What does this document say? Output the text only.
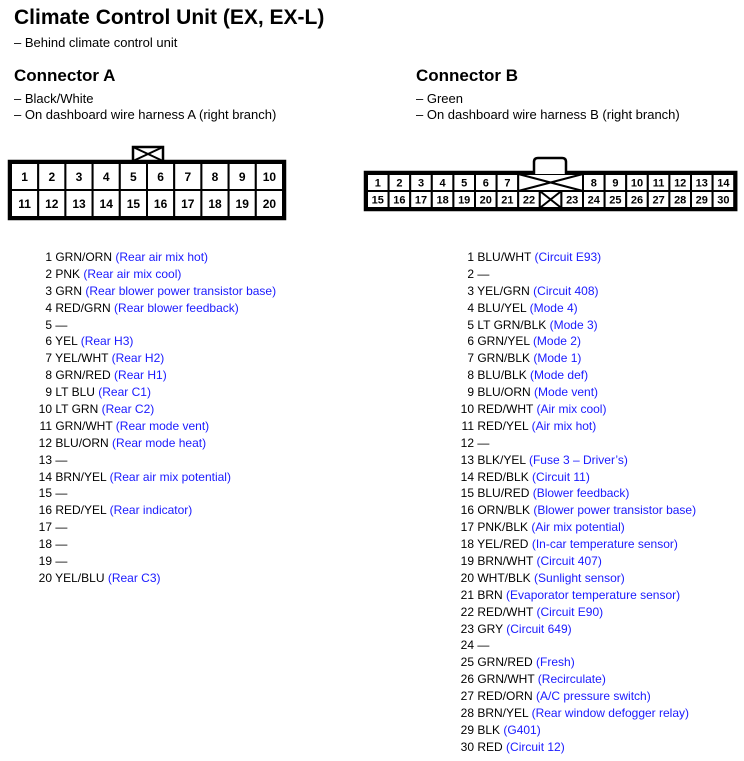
Climate Control Unit (EX, EX-L)
– Behind climate control unit
Connector A
– Black/White
– On dashboard wire harness A (right branch)
Connector B
– Green
– On dashboard wire harness B (right branch)
1 2 3 4 5 6 7 8 9 10
11 12 13 14 15 16 17 18 19 20
1 2 3 4 5 6 7	8 9 10 11 12 13 14
15 16 17 18 19 20 21 22	23 24 25 26 27 28 29 30
1 GRN/ORN (Rear air mix hot)
2 PNK (Rear air mix cool)
3 GRN (Rear blower power transistor base)
4 RED/GRN (Rear blower feedback)
5 —
6 YEL (Rear H3)
7 YEL/WHT (Rear H2)
8 GRN/RED (Rear H1)
9 LT BLU (Rear C1)
10 LT GRN (Rear C2)
11 GRN/WHT (Rear mode vent)
12 BLU/ORN (Rear mode heat)
13 —
14 BRN/YEL (Rear air mix potential)
15 —
16 RED/YEL (Rear indicator)
17 —
18 —
19 —
20 YEL/BLU (Rear C3)
1 BLU/WHT (Circuit E93)
2 —
3 YEL/GRN (Circuit 408)
4 BLU/YEL (Mode 4)
5 LT GRN/BLK (Mode 3)
6 GRN/YEL (Mode 2)
7 GRN/BLK (Mode 1)
8 BLU/BLK (Mode def)
9 BLU/ORN (Mode vent)
10 RED/WHT (Air mix cool)
11 RED/YEL (Air mix hot)
12 —
13 BLK/YEL (Fuse 3 – Driver’s)
14 RED/BLK (Circuit 11)
15 BLU/RED (Blower feedback)
16 ORN/BLK (Blower power transistor base)
17 PNK/BLK (Air mix potential)
18 YEL/RED (In-car temperature sensor)
19 BRN/WHT (Circuit 407)
20 WHT/BLK (Sunlight sensor)
21 BRN (Evaporator temperature sensor)
22 RED/WHT (Circuit E90)
23 GRY (Circuit 649)
24 —
25 GRN/RED (Fresh)
26 GRN/WHT (Recirculate)
27 RED/ORN (A/C pressure switch)
28 BRN/YEL (Rear window defogger relay)
29 BLK (G401)
30 RED (Circuit 12)
